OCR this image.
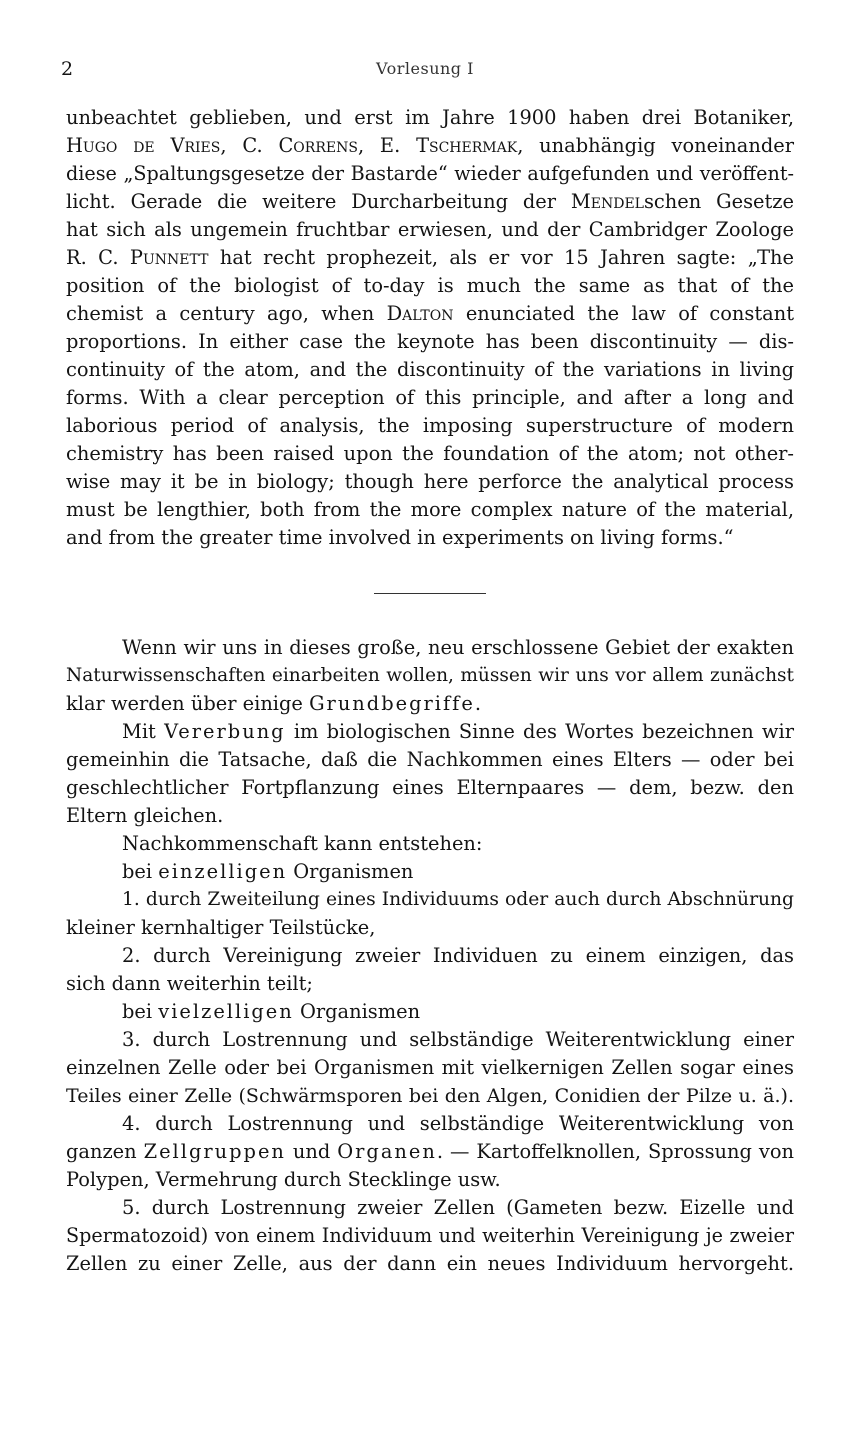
2	Vorlesung I
unbeachtet geblieben, und erst im Jahre 1900 haben drei Botaniker,
Hugo de Vries, C. Correns, E. Tschermak, unabhängig voneinander
diese „Spaltungsgesetze der Bastarde“ wieder aufgefunden und veröffent-
licht. Gerade die weitere Durcharbeitung der Mendelschen Gesetze
hat sich als ungemein fruchtbar erwiesen, und der Cambridger Zoologe
R. C. Punnett hat recht prophezeit, als er vor 15 Jahren sagte: „The
position of the biologist of to-day is much the same as that of the
chemist a century ago, when Dalton enunciated the law of constant
proportions. In either case the keynote has been discontinuity — dis-
continuity of the atom, and the discontinuity of the variations in living
forms. With a clear perception of this principle, and after a long and
laborious period of analysis, the imposing superstructure of modern
chemistry has been raised upon the foundation of the atom; not other-
wise may it be in biology; though here perforce the analytical process
must be lengthier, both from the more complex nature of the material,
and from the greater time involved in experiments on living forms.“
Wenn wir uns in dieses große, neu erschlossene Gebiet der exakten
Naturwissenschaften einarbeiten wollen, müssen wir uns vor allem zunächst
klar werden über einige Grundbegriffe.
Mit Vererbung im biologischen Sinne des Wortes bezeichnen wir
gemeinhin die Tatsache, daß die Nachkommen eines Elters — oder bei
geschlechtlicher Fortpflanzung eines Elternpaares — dem, bezw. den
Eltern gleichen.
Nachkommenschaft kann entstehen:
bei einzelligen Organismen
1. durch Zweiteilung eines Individuums oder auch durch Abschnürung
kleiner kernhaltiger Teilstücke,
2. durch Vereinigung zweier Individuen zu einem einzigen, das
sich dann weiterhin teilt;
bei vielzelligen Organismen
3. durch Lostrennung und selbständige Weiterentwicklung einer
einzelnen Zelle oder bei Organismen mit vielkernigen Zellen sogar eines
Teiles einer Zelle (Schwärmsporen bei den Algen, Conidien der Pilze u. ä.).
4. durch Lostrennung und selbständige Weiterentwicklung von
ganzen Zellgruppen und Organen. — Kartoffelknollen, Sprossung von
Polypen, Vermehrung durch Stecklinge usw.
5. durch Lostrennung zweier Zellen (Gameten bezw. Eizelle und
Spermatozoid) von einem Individuum und weiterhin Vereinigung je zweier
Zellen zu einer Zelle, aus der dann ein neues Individuum hervorgeht.
